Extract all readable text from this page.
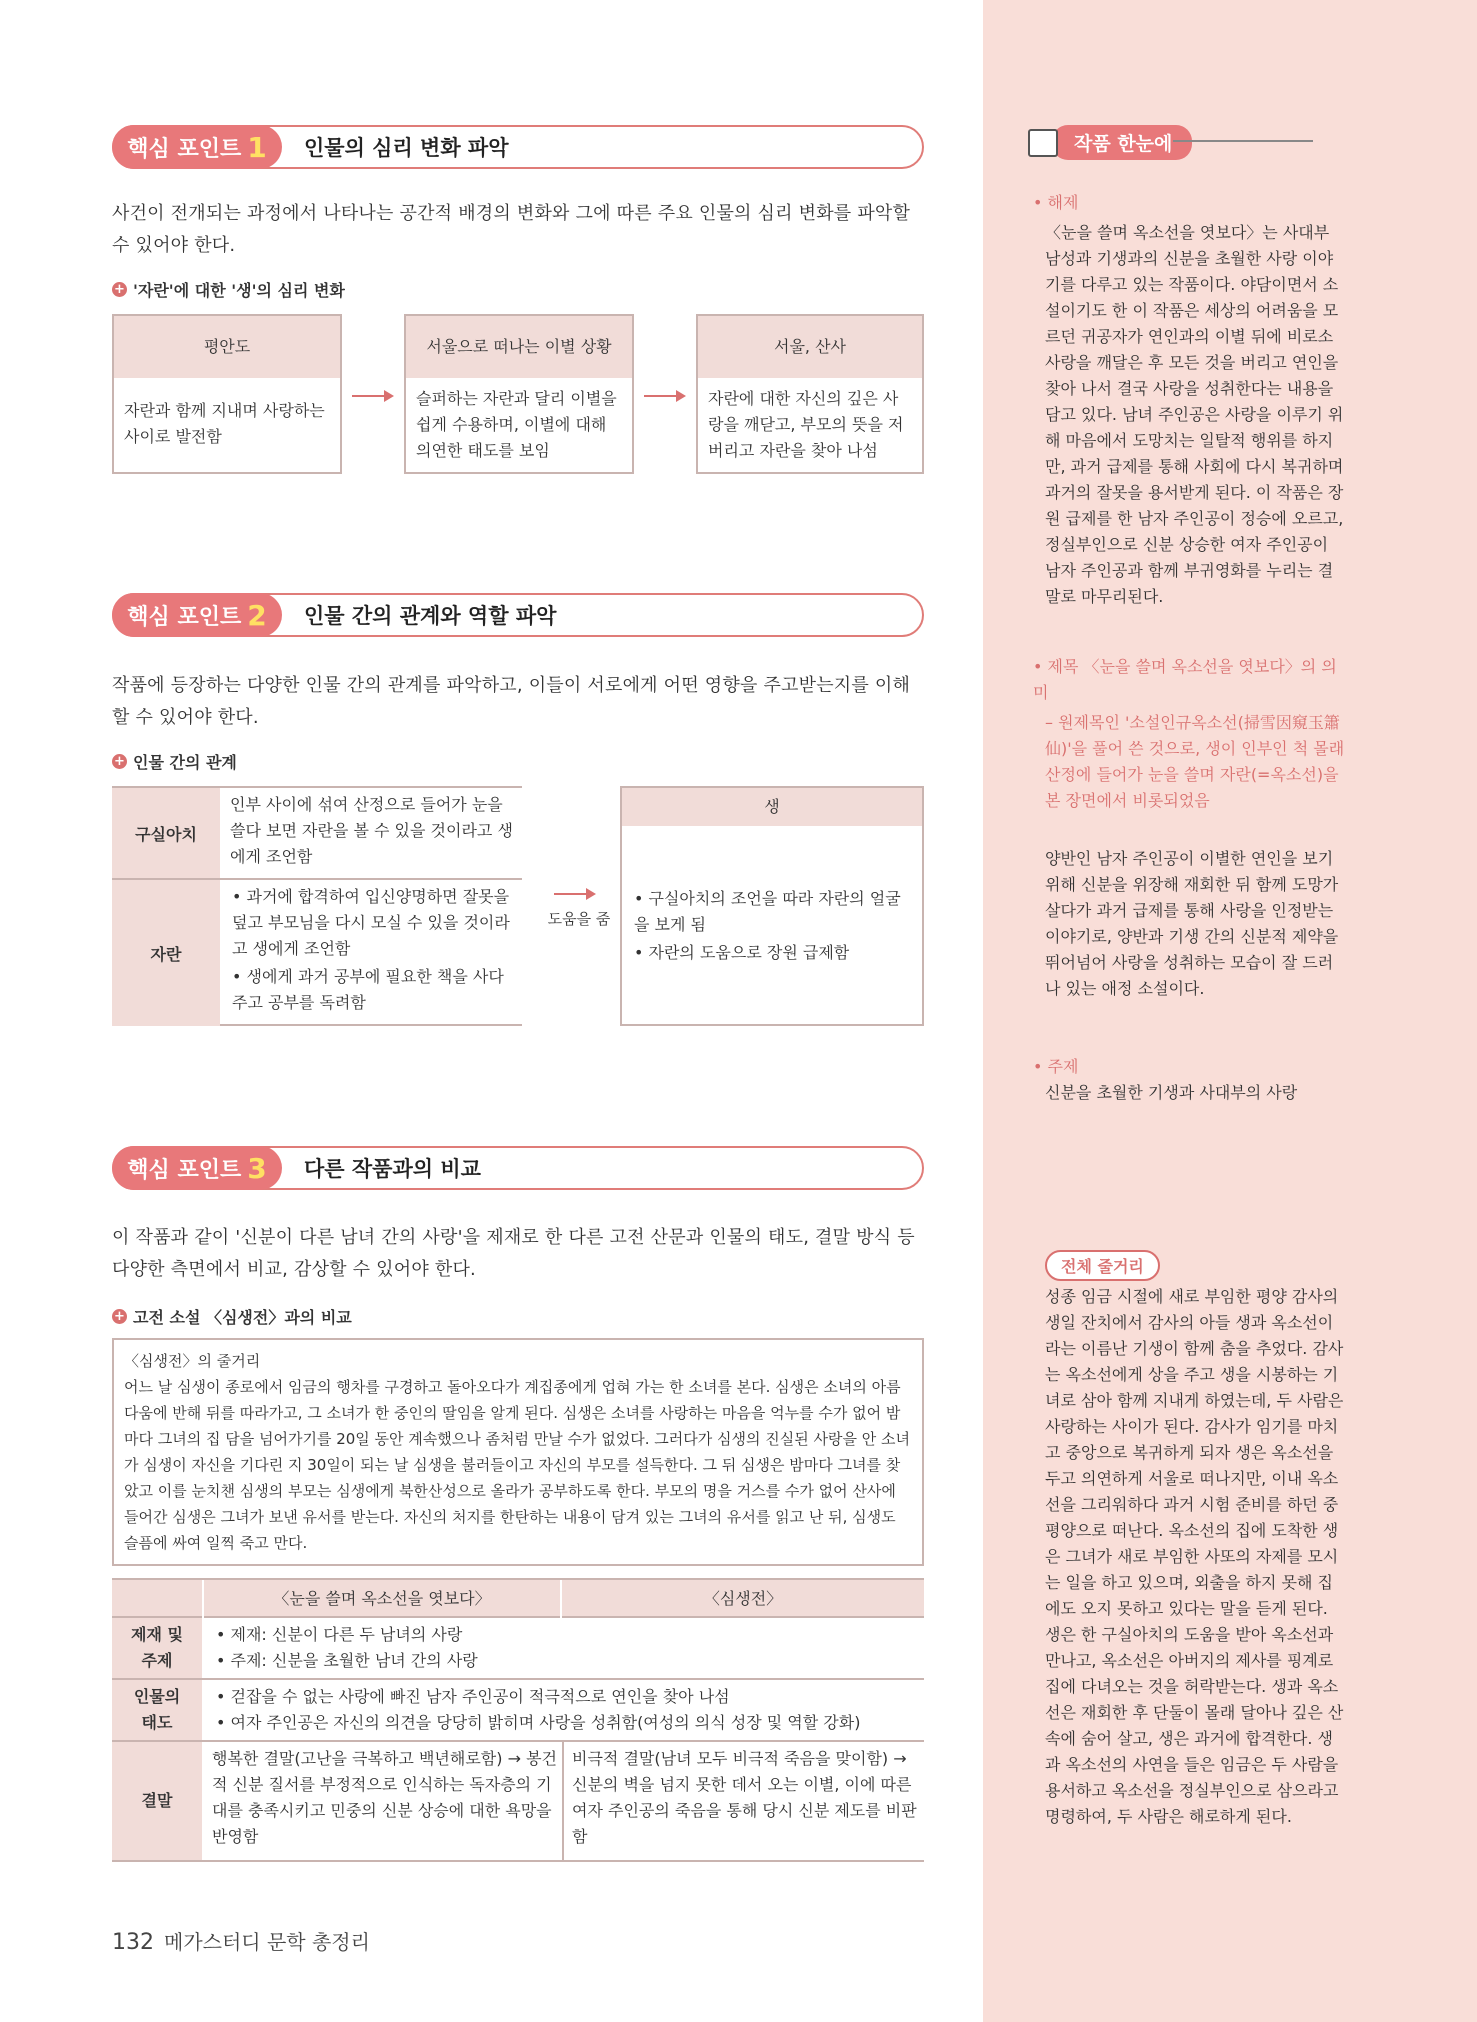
핵심 포인트 1 인물의 심리 변화 파악
사건이 전개되는 과정에서 나타나는 공간적 배경의 변화와 그에 따른 주요 인물의 심리 변화를 파악할 수 있어야 한다.
+ '자란'에 대한 '생'의 심리 변화
평안도
자란과 함께 지내며 사랑하는 사이로 발전함
서울으로 떠나는 이별 상황
슬퍼하는 자란과 달리 이별을 쉽게 수용하며, 이별에 대해 의연한 태도를 보임
서울, 산사
자란에 대한 자신의 깊은 사랑을 깨닫고, 부모의 뜻을 저버리고 자란을 찾아 나섬
핵심 포인트 2 인물 간의 관계와 역할 파악
작품에 등장하는 다양한 인물 간의 관계를 파악하고, 이들이 서로에게 어떤 영향을 주고받는지를 이해할 수 있어야 한다.
+ 인물 간의 관계
구실아치
인부 사이에 섞여 산정으로 들어가 눈을 쓸다 보면 자란을 볼 수 있을 것이라고 생에게 조언함
자란
• 과거에 합격하여 입신양명하면 잘못을 덮고 부모님을 다시 모실 수 있을 것이라고 생에게 조언함
• 생에게 과거 공부에 필요한 책을 사다 주고 공부를 독려함
도움을 줌
생
• 구실아치의 조언을 따라 자란의 얼굴을 보게 됨
• 자란의 도움으로 장원 급제함
핵심 포인트 3 다른 작품과의 비교
이 작품과 같이 '신분이 다른 남녀 간의 사랑'을 제재로 한 다른 고전 산문과 인물의 태도, 결말 방식 등 다양한 측면에서 비교, 감상할 수 있어야 한다.
+ 고전 소설 〈심생전〉과의 비교
〈심생전〉의 줄거리
어느 날 심생이 종로에서 임금의 행차를 구경하고 돌아오다가 계집종에게 업혀 가는 한 소녀를 본다. 심생은 소녀의 아름다움에 반해 뒤를 따라가고, 그 소녀가 한 중인의 딸임을 알게 된다. 심생은 소녀를 사랑하는 마음을 억누를 수가 없어 밤마다 그녀의 집 담을 넘어가기를 20일 동안 계속했으나 좀처럼 만날 수가 없었다. 그러다가 심생의 진실된 사랑을 안 소녀가 심생이 자신을 기다린 지 30일이 되는 날 심생을 불러들이고 자신의 부모를 설득한다. 그 뒤 심생은 밤마다 그녀를 찾았고 이를 눈치챈 심생의 부모는 심생에게 북한산성으로 올라가 공부하도록 한다. 부모의 명을 거스를 수가 없어 산사에 들어간 심생은 그녀가 보낸 유서를 받는다. 자신의 처지를 한탄하는 내용이 담겨 있는 그녀의 유서를 읽고 난 뒤, 심생도 슬픔에 싸여 일찍 죽고 만다.
〈눈을 쓸며 옥소선을 엿보다〉	〈심생전〉
제재 및 주제
• 제재: 신분이 다른 두 남녀의 사랑
• 주제: 신분을 초월한 남녀 간의 사랑
인물의 태도
• 걷잡을 수 없는 사랑에 빠진 남자 주인공이 적극적으로 연인을 찾아 나섬
• 여자 주인공은 자신의 의견을 당당히 밝히며 사랑을 성취함(여성의 의식 성장 및 역할 강화)
결말
행복한 결말(고난을 극복하고 백년해로함) → 봉건적 신분 질서를 부정적으로 인식하는 독자층의 기대를 충족시키고 민중의 신분 상승에 대한 욕망을 반영함
비극적 결말(남녀 모두 비극적 죽음을 맞이함) → 신분의 벽을 넘지 못한 데서 오는 이별, 이에 따른 여자 주인공의 죽음을 통해 당시 신분 제도를 비판함
132 메가스터디 문학 총정리
작품 한눈에
• 해제
〈눈을 쓸며 옥소선을 엿보다〉는 사대부 남성과 기생과의 신분을 초월한 사랑 이야기를 다루고 있는 작품이다. 야담이면서 소설이기도 한 이 작품은 세상의 어려움을 모르던 귀공자가 연인과의 이별 뒤에 비로소 사랑을 깨달은 후 모든 것을 버리고 연인을 찾아 나서 결국 사랑을 성취한다는 내용을 담고 있다. 남녀 주인공은 사랑을 이루기 위해 마음에서 도망치는 일탈적 행위를 하지만, 과거 급제를 통해 사회에 다시 복귀하며 과거의 잘못을 용서받게 된다. 이 작품은 장원 급제를 한 남자 주인공이 정승에 오르고, 정실부인으로 신분 상승한 여자 주인공이 남자 주인공과 함께 부귀영화를 누리는 결말로 마무리된다.
• 제목 〈눈을 쓸며 옥소선을 엿보다〉의 의미
– 원제목인 '소설인규옥소선(掃雪因窺玉簫仙)'을 풀어 쓴 것으로, 생이 인부인 척 몰래 산정에 들어가 눈을 쓸며 자란(=옥소선)을 본 장면에서 비롯되었음
양반인 남자 주인공이 이별한 연인을 보기 위해 신분을 위장해 재회한 뒤 함께 도망가 살다가 과거 급제를 통해 사랑을 인정받는 이야기로, 양반과 기생 간의 신분적 제약을 뛰어넘어 사랑을 성취하는 모습이 잘 드러나 있는 애정 소설이다.
• 주제
신분을 초월한 기생과 사대부의 사랑
전체 줄거리
성종 임금 시절에 새로 부임한 평양 감사의 생일 잔치에서 감사의 아들 생과 옥소선이라는 이름난 기생이 함께 춤을 추었다. 감사는 옥소선에게 상을 주고 생을 시봉하는 기녀로 삼아 함께 지내게 하였는데, 두 사람은 사랑하는 사이가 된다. 감사가 임기를 마치고 중앙으로 복귀하게 되자 생은 옥소선을 두고 의연하게 서울로 떠나지만, 이내 옥소선을 그리워하다 과거 시험 준비를 하던 중 평양으로 떠난다. 옥소선의 집에 도착한 생은 그녀가 새로 부임한 사또의 자제를 모시는 일을 하고 있으며, 외출을 하지 못해 집에도 오지 못하고 있다는 말을 듣게 된다. 생은 한 구실아치의 도움을 받아 옥소선과 만나고, 옥소선은 아버지의 제사를 핑계로 집에 다녀오는 것을 허락받는다. 생과 옥소선은 재회한 후 단둘이 몰래 달아나 깊은 산속에 숨어 살고, 생은 과거에 합격한다. 생과 옥소선의 사연을 들은 임금은 두 사람을 용서하고 옥소선을 정실부인으로 삼으라고 명령하여, 두 사람은 해로하게 된다.
